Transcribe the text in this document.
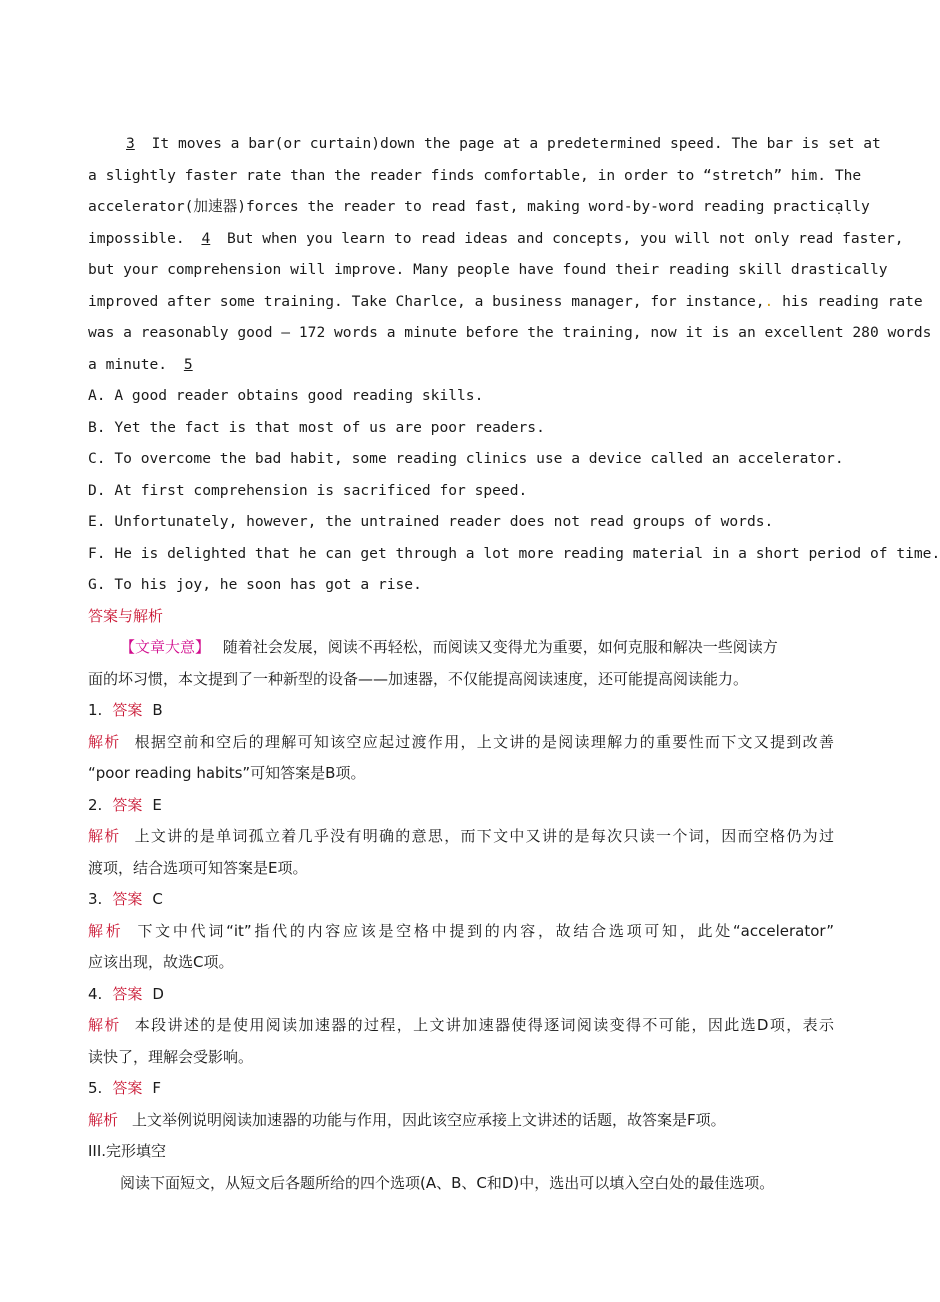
3 It moves a bar(or curtain)down the page at a predetermined speed. The bar is set at
a slightly faster rate than the reader finds comfortable, in order to “stretch” him. The
accelerator(加速器)forces the reader to read fast, making word-by-word reading practically
impossible. 4 But when you learn to read ideas and concepts, you will not only read faster,
but your comprehension will improve. Many people have found their reading skill drastically
improved after some training. Take Charlce, a business manager, for instance,. his reading rate
was a reasonably good — 172 words a minute before the training, now it is an excellent 280 words
a minute. 5
A. A good reader obtains good reading skills.
B. Yet the fact is that most of us are poor readers.
C. To overcome the bad habit, some reading clinics use a device called an accelerator.
D. At first comprehension is sacrificed for speed.
E. Unfortunately, however, the untrained reader does not read groups of words.
F. He is delighted that he can get through a lot more reading material in a short period of time.
G. To his joy, he soon has got a rise.
答案与解析
【文章大意】 随着社会发展，阅读不再轻松，而阅读又变得尤为重要，如何克服和解决一些阅读方
面的坏习惯，本文提到了一种新型的设备——加速器，不仅能提高阅读速度，还可能提高阅读能力。
1. 答案 B
解析 根据空前和空后的理解可知该空应起过渡作用，上文讲的是阅读理解力的重要性而下文又提到改善
“poor reading habits”可知答案是B项。
2. 答案 E
解析 上文讲的是单词孤立着几乎没有明确的意思，而下文中又讲的是每次只读一个词，因而空格仍为过
渡项，结合选项可知答案是E项。
3. 答案 C
解析 下文中代词“it”指代的内容应该是空格中提到的内容，故结合选项可知，此处“accelerator”
应该出现，故选C项。
4. 答案 D
解析 本段讲述的是使用阅读加速器的过程，上文讲加速器使得逐词阅读变得不可能，因此选D项，表示
读快了，理解会受影响。
5. 答案 F
解析 上文举例说明阅读加速器的功能与作用，因此该空应承接上文讲述的话题，故答案是F项。
III.完形填空
阅读下面短文，从短文后各题所给的四个选项(A、B、C和D)中，选出可以填入空白处的最佳选项。
